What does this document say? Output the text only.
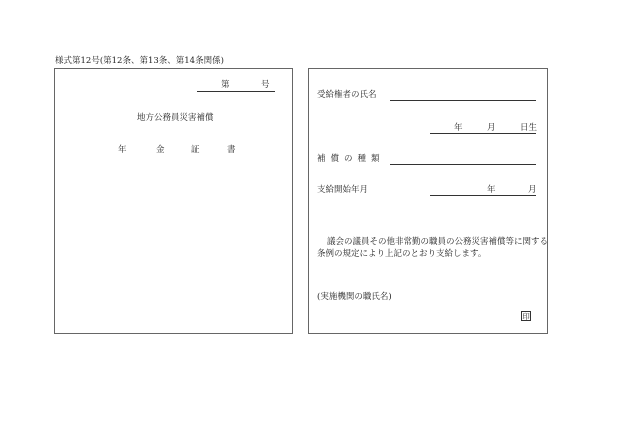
様式第12号(第12条、第13条、第14条関係)
第	号
地方公務員災害補償
年	金	証	書
受給権者の氏名
年	月	日生
補償の種類
支給開始年月	年	月
議会の議員その他非常勤の職員の公務災害補償等に関する
条例の規定により上記のとおり支給します。
(実施機関の職氏名)
印
